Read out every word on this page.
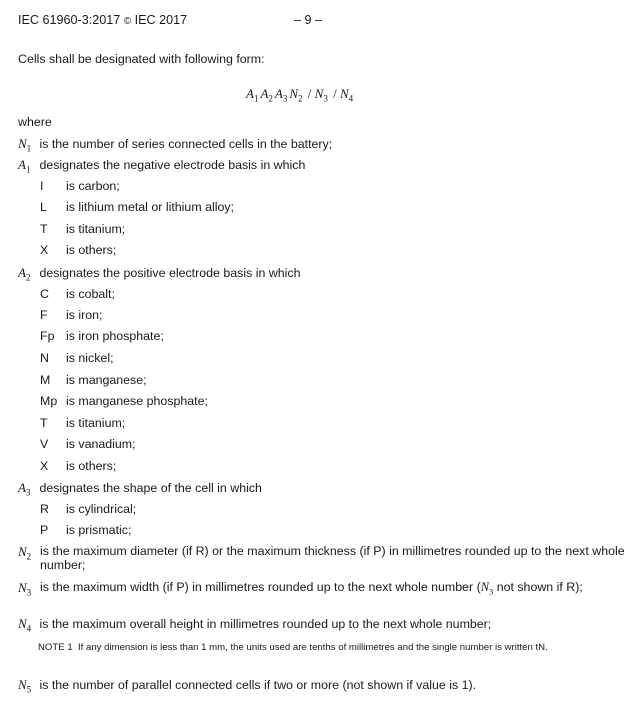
IEC 61960-3:2017 © IEC 2017	– 9 –
Cells shall be designated with following form:
$A_1$ $A_2$ $A_3$ $N_2 / N_3 / N_4$
where
$N_1$ is the number of series connected cells in the battery;
$A_1$ designates the negative electrode basis in which
I is carbon;
L is lithium metal or lithium alloy;
T is titanium;
X is others;
$A_2$ designates the positive electrode basis in which
C is cobalt;
F is iron;
Fp is iron phosphate;
N is nickel;
M is manganese;
Mp is manganese phosphate;
T is titanium;
V is vanadium;
X is others;
$A_3$ designates the shape of the cell in which
R is cylindrical;
P is prismatic;
$N_2$ is the maximum diameter (if R) or the maximum thickness (if P) in millimetres rounded up to the next whole number;
$N_3$ is the maximum width (if P) in millimetres rounded up to the next whole number ($N_3$ not shown if R);
$N_4$ is the maximum overall height in millimetres rounded up to the next whole number;
NOTE 1 If any dimension is less than 1 mm, the units used are tenths of millimetres and the single number is written tN.
$N_5$ is the number of parallel connected cells if two or more (not shown if value is 1).
